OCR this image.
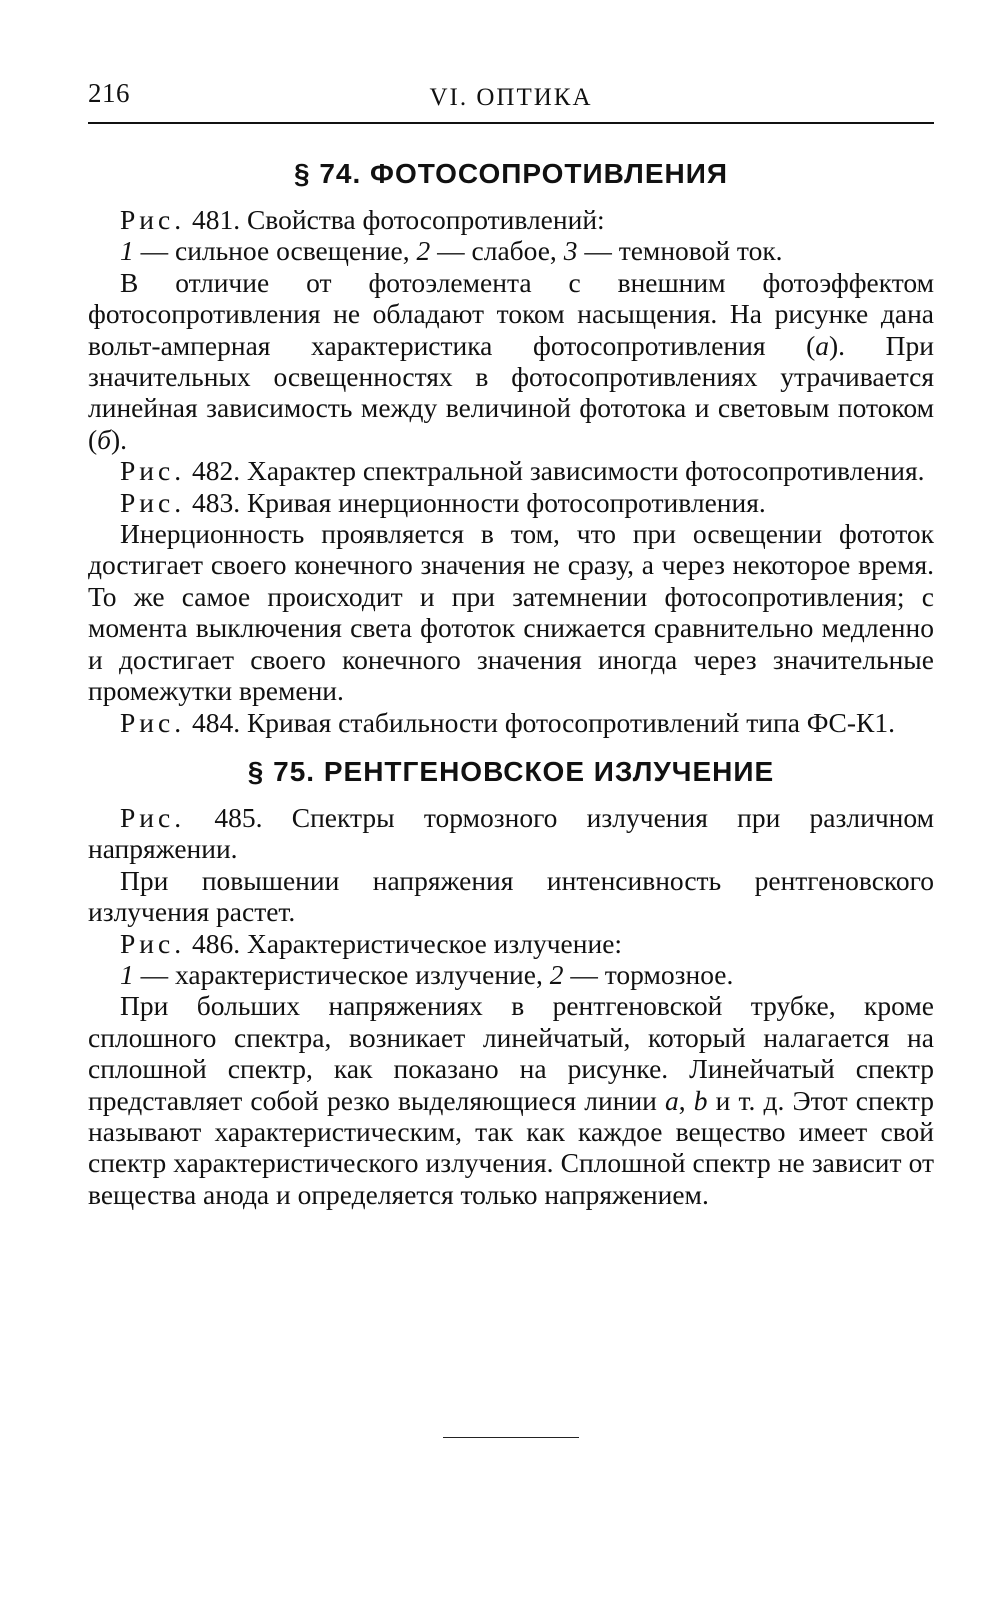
216	VI. ОПТИКА
§ 74. ФОТОСОПРОТИВЛЕНИЯ

Рис. 481. Свойства фотосопротивлений:

1 — сильное освещение, 2 — слабое, 3 — темновой ток.

В отличие от фотоэлемента с внешним фотоэффектом фотосопротивления не обладают током насыщения. На рисунке дана вольт-амперная характеристика фотосопротивления (а). При значительных освещенностях в фотосопротивлениях утрачивается линейная зависимость между величиной фототока и световым потоком (б).

Рис. 482. Характер спектральной зависимости фотосопротивления.

Рис. 483. Кривая инерционности фотосопротивления.

Инерционность проявляется в том, что при освещении фототок достигает своего конечного значения не сразу, а через некоторое время. То же самое происходит и при затемнении фотосопротивления; с момента выключения света фототок снижается сравнительно медленно и достигает своего конечного значения иногда через значительные промежутки времени.

Рис. 484. Кривая стабильности фотосопротивлений типа ФС-К1.

§ 75. РЕНТГЕНОВСКОЕ ИЗЛУЧЕНИЕ

Рис. 485. Спектры тормозного излучения при различном напряжении.

При повышении напряжения интенсивность рентгеновского излучения растет.

Рис. 486. Характеристическое излучение:

1 — характеристическое излучение, 2 — тормозное.

При больших напряжениях в рентгеновской трубке, кроме сплошного спектра, возникает линейчатый, который налагается на сплошной спектр, как показано на рисунке. Линейчатый спектр представляет собой резко выделяющиеся линии a, b и т. д. Этот спектр называют характеристическим, так как каждое вещество имеет свой спектр характеристического излучения. Сплошной спектр не зависит от вещества анода и определяется только напряжением.
